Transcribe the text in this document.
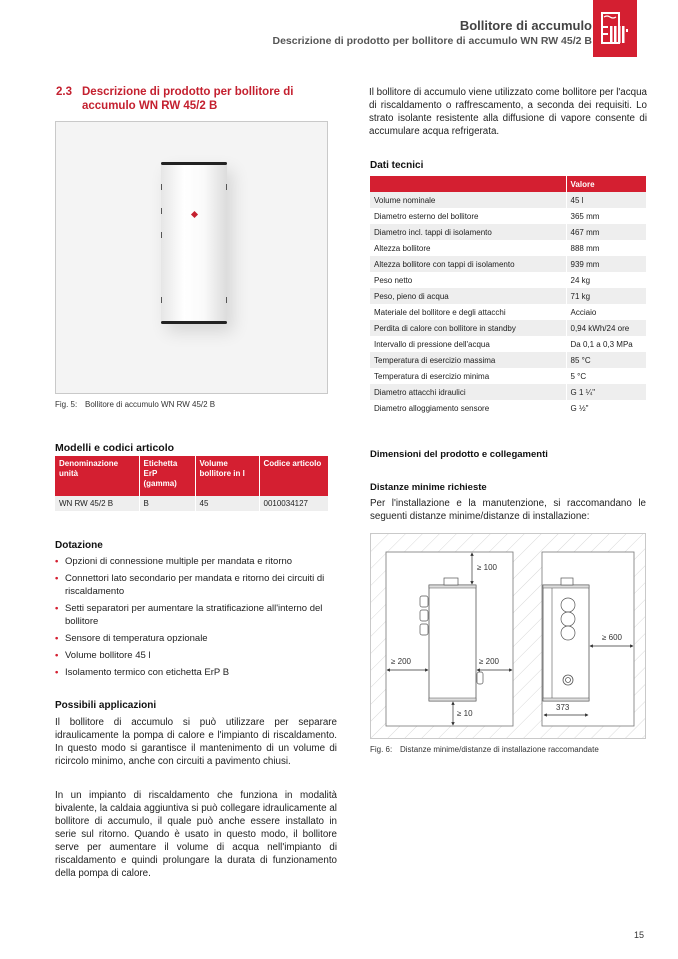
Bollitore di accumulo
Descrizione di prodotto per bollitore di accumulo WN RW 45/2 B
2.3 Descrizione di prodotto per bollitore di accumulo WN RW 45/2 B
Fig. 5: Bollitore di accumulo WN RW 45/2 B
Modelli e codici articolo
Denominazione unità	Etichetta ErP (gamma)	Volume bollitore in l	Codice articolo
WN RW 45/2 B	B	45	0010034127
Dotazione
• Opzioni di connessione multiple per mandata e ritorno
• Connettori lato secondario per mandata e ritorno dei circuiti di riscaldamento
• Setti separatori per aumentare la stratificazione all'interno del bollitore
• Sensore di temperatura opzionale
• Volume bollitore 45 l
• Isolamento termico con etichetta ErP B
Possibili applicazioni
Il bollitore di accumulo si può utilizzare per separare idraulicamente la pompa di calore e l'impianto di riscaldamento. In questo modo si garantisce il mantenimento di un volume di ricircolo minimo, anche con circuiti a pavimento chiusi.
In un impianto di riscaldamento che funziona in modalità bivalente, la caldaia aggiuntiva si può collegare idraulicamente al bollitore di accumulo, il quale può anche essere installato in serie sul ritorno. Quando è usato in questo modo, il bollitore serve per aumentare il volume di acqua nell'impianto di riscaldamento e quindi prolungare la durata di funzionamento della pompa di calore.
Il bollitore di accumulo viene utilizzato come bollitore per l'acqua di riscaldamento o raffrescamento, a seconda dei requisiti. Lo strato isolante resistente alla diffusione di vapore consente di accumulare acqua refrigerata.
Dati tecnici
	Valore
Volume nominale	45 l
Diametro esterno del bollitore	365 mm
Diametro incl. tappi di isolamento	467 mm
Altezza bollitore	888 mm
Altezza bollitore con tappi di isolamento	939 mm
Peso netto	24 kg
Peso, pieno di acqua	71 kg
Materiale del bollitore e degli attacchi	Acciaio
Perdita di calore con bollitore in standby	0,94 kWh/24 ore
Intervallo di pressione dell'acqua	Da 0,1 a 0,3 MPa
Temperatura di esercizio massima	85 °C
Temperatura di esercizio minima	5 °C
Diametro attacchi idraulici	G 1 ¼"
Diametro alloggiamento sensore	G ½"
Dimensioni del prodotto e collegamenti
Distanze minime richieste
Per l'installazione e la manutenzione, si raccomandano le seguenti distanze minime/distanze di installazione:
≥ 100
≥ 200	≥ 200
≥ 10
≥ 600
373
Fig. 6: Distanze minime/distanze di installazione raccomandate
15
